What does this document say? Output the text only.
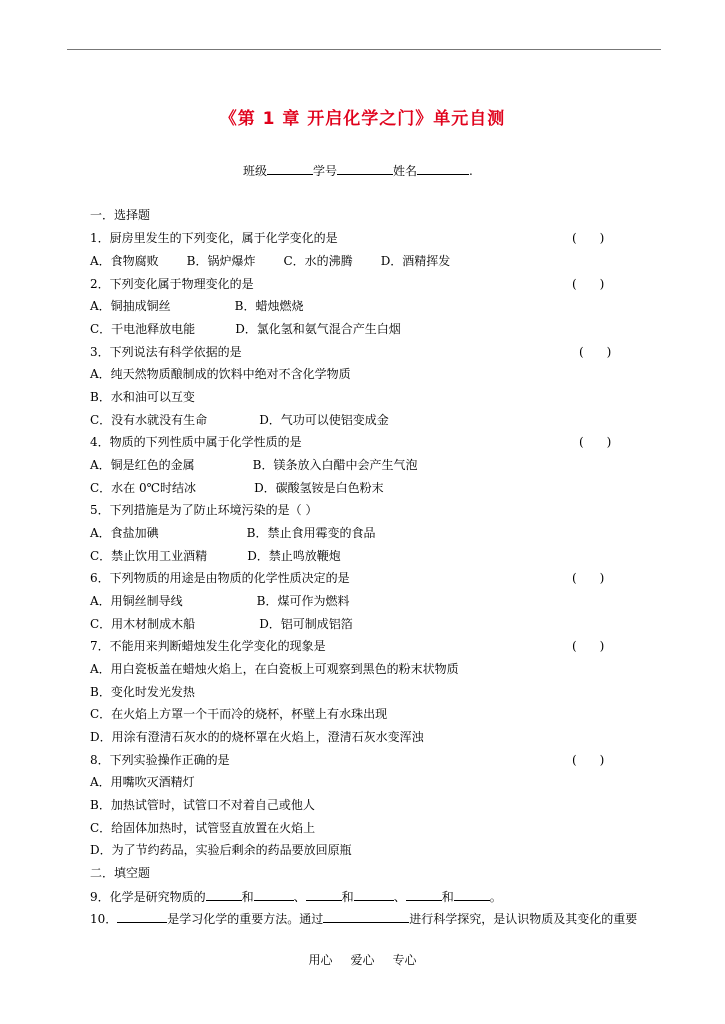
《第 1 章 开启化学之门》单元自测
班级	学号	姓名	.
一．选择题
1．厨房里发生的下列变化，属于化学变化的是	(      )
A．食物腐败 B．锅炉爆炸 C．水的沸腾 D．酒精挥发
2．下列变化属于物理变化的是	(      )
A．铜抽成铜丝	B．蜡烛燃烧
C．干电池释放电能	D．氯化氢和氨气混合产生白烟
3．下列说法有科学依据的是	(      )
A．纯天然物质酿制成的饮料中绝对不含化学物质
B．水和油可以互变
C．没有水就没有生命	D．气功可以使铝变成金
4．物质的下列性质中属于化学性质的是	(      )
A．铜是红色的金属	B．镁条放入白醋中会产生气泡
C．水在 0℃时结冰	D．碳酸氢铵是白色粉末
5．下列措施是为了防止环境污染的是（ ）
A．食盐加碘	B．禁止食用霉变的食品
C．禁止饮用工业酒精	D．禁止鸣放鞭炮
6．下列物质的用途是由物质的化学性质决定的是	(      )
A．用铜丝制导线	B．煤可作为燃料
C．用木材制成木船	D．铝可制成铝箔
7．不能用来判断蜡烛发生化学变化的现象是	(      )
A．用白瓷板盖在蜡烛火焰上，在白瓷板上可观察到黑色的粉末状物质
B．变化时发光发热
C．在火焰上方罩一个干而冷的烧杯，杯壁上有水珠出现
D．用涂有澄清石灰水的的烧杯罩在火焰上，澄清石灰水变浑浊
8．下列实验操作正确的是	(      )
A．用嘴吹灭酒精灯
B．加热试管时，试管口不对着自己或他人
C．给固体加热时，试管竖直放置在火焰上
D．为了节约药品，实验后剩余的药品要放回原瓶
二．填空题
9．化学是研究物质的	和	、	和	、	和	。
10．	是学习化学的重要方法。通过	进行科学探究，是认识物质及其变化的重要
用心 爱心 专心
